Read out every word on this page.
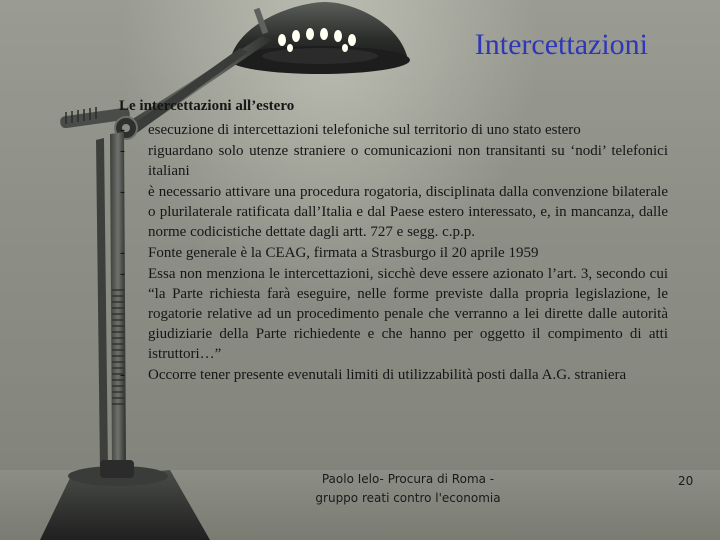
Intercettazioni
Le intercettazioni all’estero
- esecuzione di intercettazioni telefoniche sul territorio di uno stato estero
- riguardano solo utenze straniere o comunicazioni non transitanti su ‘nodi’ telefonici italiani
- è necessario attivare una procedura rogatoria, disciplinata dalla convenzione bilaterale o plurilaterale ratificata dall’Italia e dal Paese estero interessato, e, in mancanza, dalle norme codicistiche dettate dagli artt. 727 e segg. c.p.p.
- Fonte generale è la CEAG, firmata a Strasburgo il 20 aprile 1959
- Essa non menziona le intercettazioni, sicchè deve essere azionato l’art. 3, secondo cui “la Parte richiesta farà eseguire, nelle forme previste dalla propria legislazione, le rogatorie relative ad un procedimento penale che verranno a lei dirette dalle autorità giudiziarie della Parte richiedente e che hanno per oggetto il compimento di atti istruttori…”
- Occorre tener presente evenutali limiti di utilizzabilità posti dalla A.G. straniera
Paolo Ielo- Procura di Roma -
gruppo reati contro l'economia
20
